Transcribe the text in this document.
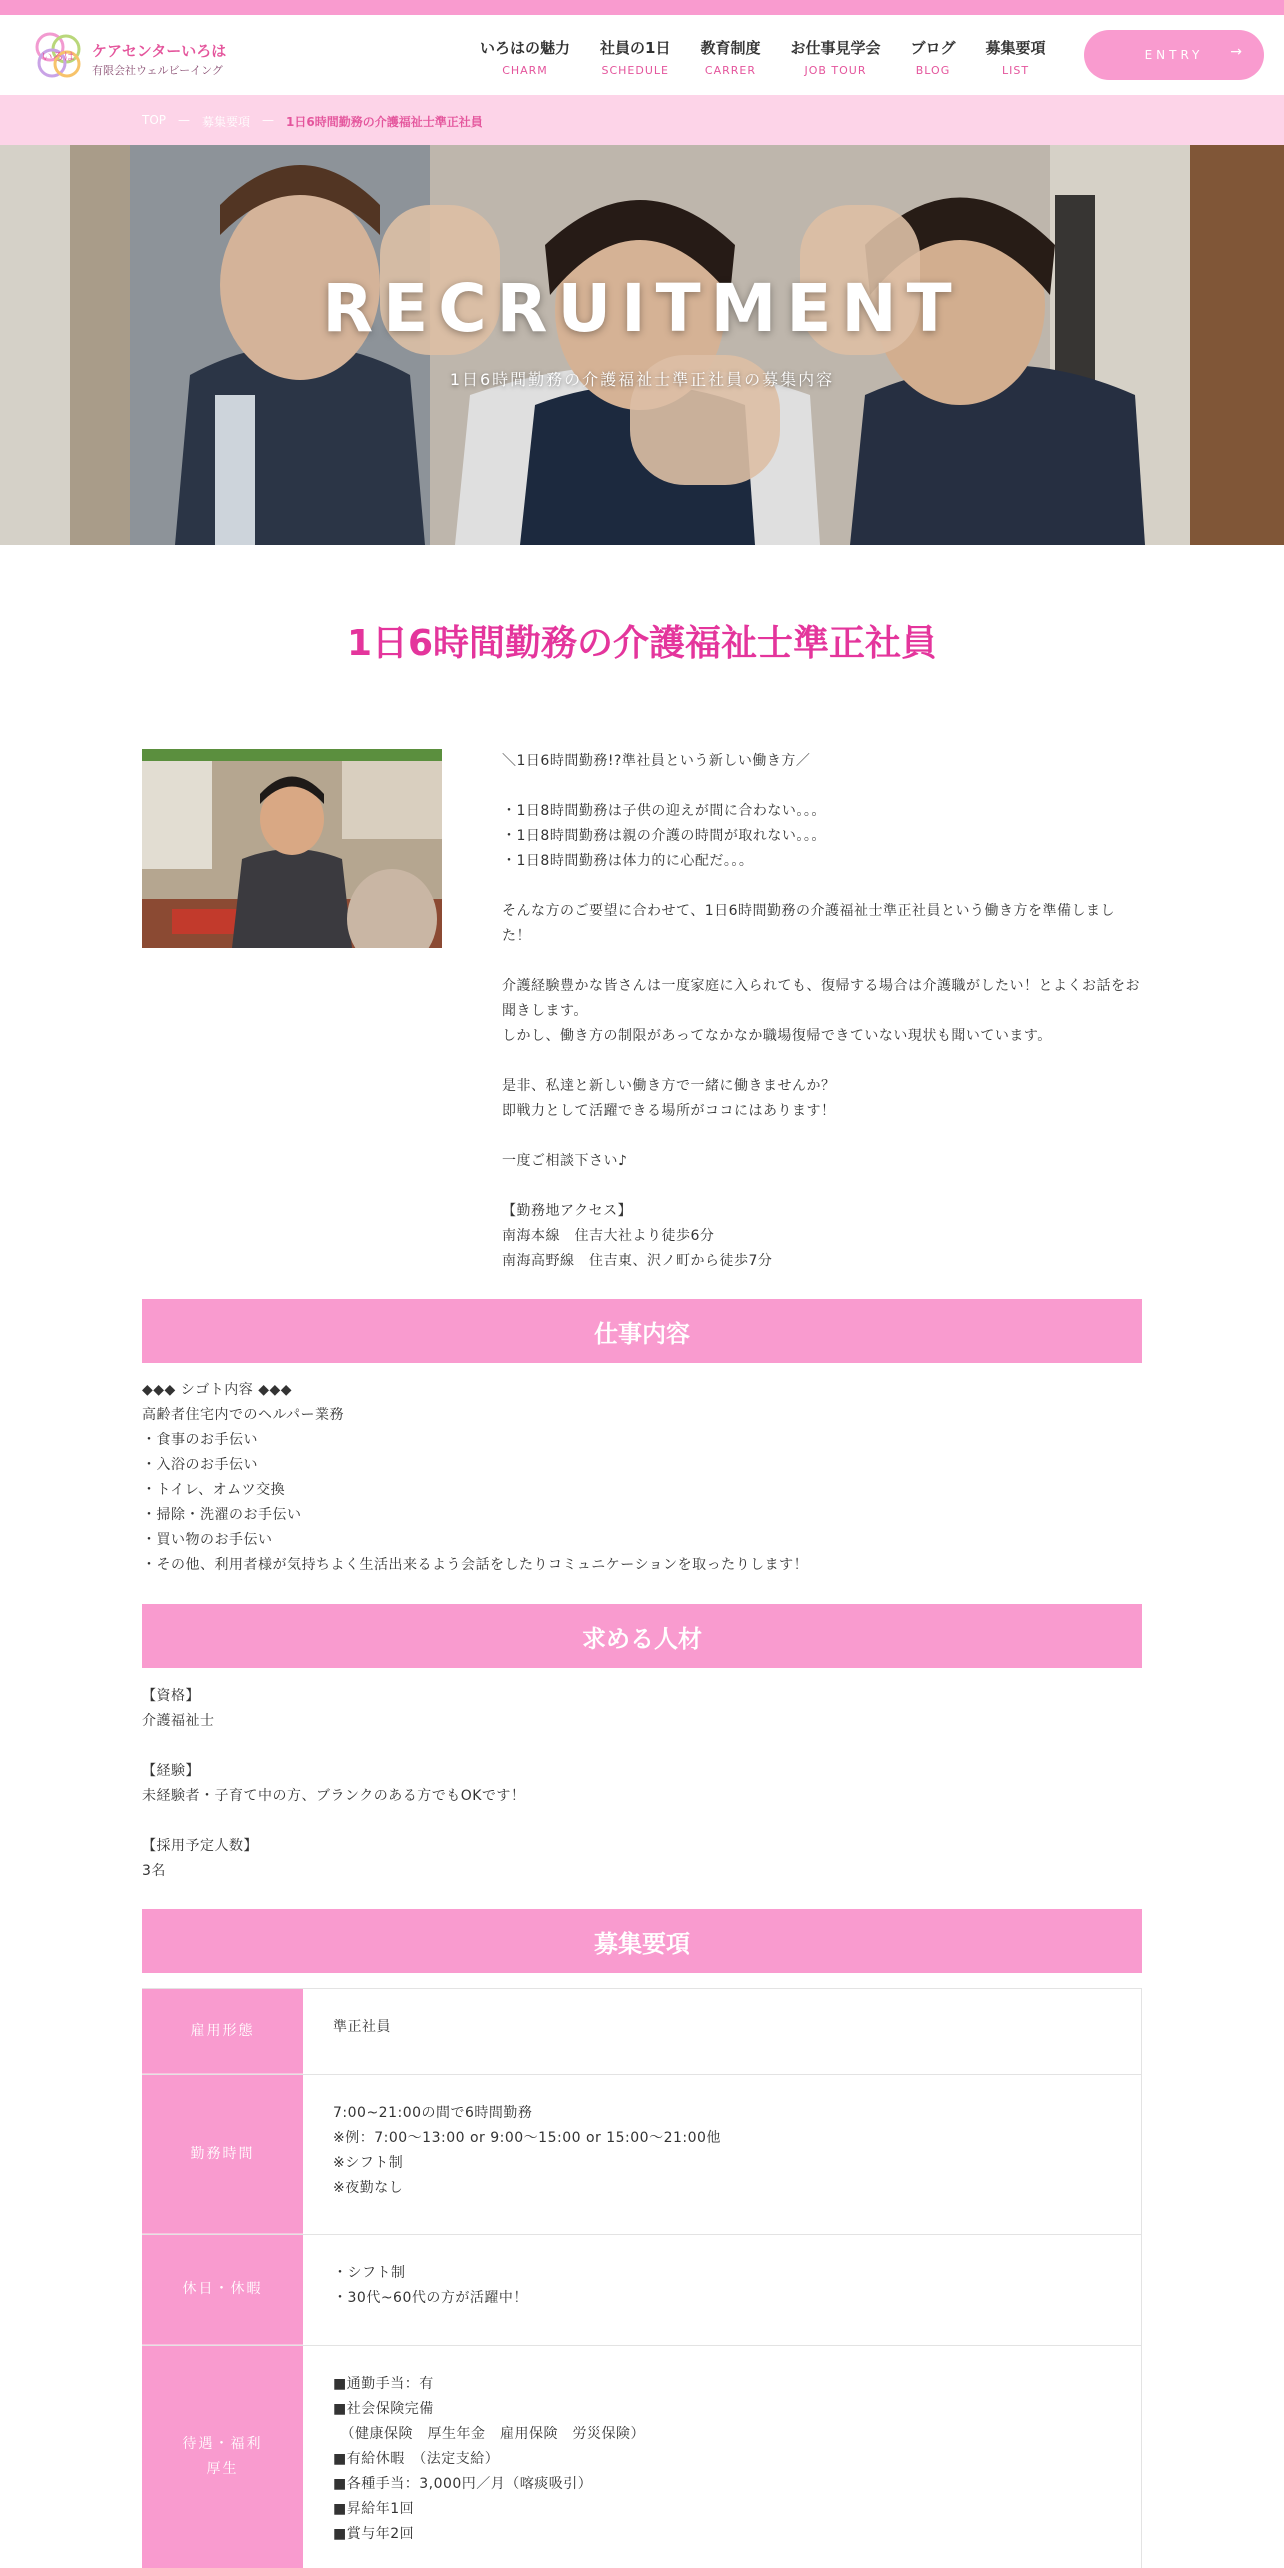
いろは ケアセンターいろは
有限会社ウェルビーイング
いろはの魅力
CHARM
社員の1日
SCHEDULE
教育制度
CARRER
お仕事見学会
JOB TOUR
ブログ
BLOG
募集要項
LIST
ENTRY →
TOP — 募集要項 — 1日6時間勤務の介護福祉士準正社員
RECRUITMENT
1日6時間勤務の介護福祉士準正社員の募集内容
1日6時間勤務の介護福祉士準正社員
＼1日6時間勤務!?準社員という新しい働き方／
・1日8時間勤務は子供の迎えが間に合わない。。。
・1日8時間勤務は親の介護の時間が取れない。。。
・1日8時間勤務は体力的に心配だ。。。
そんな方のご要望に合わせて、1日6時間勤務の介護福祉士準正社員という働き方を準備しました！
介護経験豊かな皆さんは一度家庭に入られても、復帰する場合は介護職がしたい！とよくお話をお聞きします。
しかし、働き方の制限があってなかなか職場復帰できていない現状も聞いています。
是非、私達と新しい働き方で一緒に働きませんか？
即戦力として活躍できる場所がココにはあります！
一度ご相談下さい♪
【勤務地アクセス】
南海本線　住吉大社より徒歩6分
南海高野線　住吉東、沢ノ町から徒歩7分
仕事内容
◆◆◆ シゴト内容 ◆◆◆
高齢者住宅内でのヘルパー業務
・食事のお手伝い
・入浴のお手伝い
・トイレ、オムツ交換
・掃除・洗濯のお手伝い
・買い物のお手伝い
・その他、利用者様が気持ちよく生活出来るよう会話をしたりコミュニケーションを取ったりします！
求める人材
【資格】
介護福祉士
【経験】
未経験者・子育て中の方、ブランクのある方でもOKです！
【採用予定人数】
3名
募集要項
雇用形態	準正社員
勤務時間
7:00~21:00の間で6時間勤務
※例：7:00～13:00 or 9:00～15:00 or 15:00～21:00他
※シフト制
※夜勤なし
休日・休暇
・シフト制
・30代~60代の方が活躍中！
待遇・福利
厚生
■通勤手当：有
■社会保険完備
　（健康保険　厚生年金　雇用保険　労災保険）
■有給休暇　（法定支給）
■各種手当：3,000円／月（喀痰吸引）
■昇給年1回
■賞与年2回
